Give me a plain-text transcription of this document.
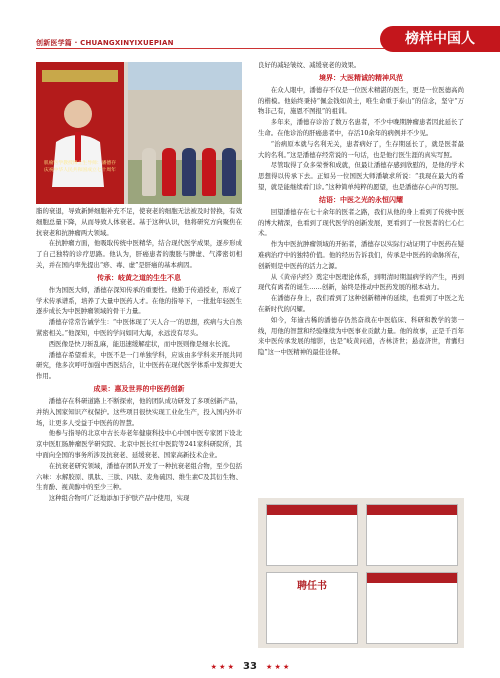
创新医学篇 · CHUANGXINYIXUEPIAN	榜样中国人
肌瘤医学教授博士生导师：潘德存
庆祝中华人民共和国成立七十周年

脂的衰退，导致新鲜细胞补充不足，使衰老的细胞无法被及时替换，有效细胞总量下降，从而导致人体衰老。基于这种认识，他将研究方向聚焦在抗衰老和抗肿瘤两大领域。

在抗肿瘤方面，他吸取传统中医精华，结合现代医学成果，逐步形成了自己独特的诊疗思路。他认为，肝癌患者的腹胀与脾虚、气滞密切相关，并在国内率先提出“痧、毒、虚”是肝癌的基本病因。

传承：岐黄之道的生生不息

作为国医大师，潘德存深知传承的重要性。他勤于传道授业，形成了学术传承谱系，培养了大量中医药人才。在他的指导下，一批批年轻医生逐步成长为中医肿瘤领域的骨干力量。

潘德存常常告诫学生：“中医体现了‘天人合一’的思想，疾病与大自然紧密相关。”他深知，中医的学问如同大海，永远没有尽头。

西医像是快刀斩乱麻，能迅速缓解症状，而中医则像是细水长流。

潘德存希望看来，中医不是一门单独学科，应该由多学科来开展共同研究，他多次呼吁加强中西医结合，让中医药在现代医学体系中发挥更大作用。

成果：惠及世界的中医药创新

潘德存在科研道路上不断探索，他的团队成功研发了多项创新产品，并纳入国家知识产权保护。这些项目很快实现工业化生产，投入国内外市场，让更多人受益于中医药的智慧。

他参与指导的北京中古长寿老年健康科技中心中国中医专家团下设北京中医肛肠肿瘤医学研究院、北京中医长红中医院等241家科研院所，其中面向全国的事务所涉及抗衰老、延缓衰老、国家高新技术企业。

在抗衰老研究领域，潘德存团队开发了一种抗衰老组合物，至少包括六味：水解胶原、肌肽、三肽、四肽、麦角硫因、维生素C及其衍生物、生育酚、视黄醇中的至少三种。

这种组合物可广泛地添加于护肤产品中使用，实现

良好的减轻皱纹、减缓衰老的效果。

境界：大医精诚的精神风范

在众人眼中，潘德存不仅是一位医术精湛的医生，更是一位医德高尚的楷模。他始终秉持“佩金钱如黄土，唯生命重于泰山”的信念，坚守“万物非己有，施恩不图报”的祖训。

多年来，潘德存诊治了数万名患者，不少中晚期肿瘤患者因此延长了生命。在他诊治的肝癌患者中，存活10余年的病例并不少见。

“治病原本就与名利无关，患者病好了，生存期延长了，就是医者最大的名利。”这是潘德存经常说的一句话，也是他行医生涯的真实写照。

尽管取得了众多荣誉和成就，但最让潘德存感到欣慰的，是他的学术思想得以传承下去。正如另一位国医大师潘敏求所说：“我现在最大的希望，就是能继续看门诊。”这种简单纯粹的愿望，也是潘德存心声的写照。

结语：中医之光的永恒闪耀

回望潘德存在七十余年的医者之路，我们从他的身上看到了传统中医的博大精深，也看到了现代医学的创新发展，更看到了一位医者的仁心仁术。

作为中医抗肿瘤领域的开拓者，潘德存以实际行动证明了中医药在疑难病治疗中的独特价值。他的经历告诉我们，传承是中医药的命脉所在，创新则是中医药的活力之源。

从《黄帝内经》奠定中医理论体系，到明清时期温病学的产生，再到现代有离者的诞生……创新，始终是推动中医药发展的根本动力。

在潘德存身上，我们看到了这种创新精神的延续，也看到了中医之光在新时代的闪耀。

如今，年逾古稀的潘德存仍然奋战在中医临床、科研和教学的第一线，用他的智慧和经验继续为中医事业贡献力量。他的故事，正是千百年来中医传承发展的缩影，也是“岐黄问道，杏林济世；悬壶济世，青囊归隐”这一中医精神的最佳诠释。

聘任书
★ ★ ★ 33 ★ ★ ★
